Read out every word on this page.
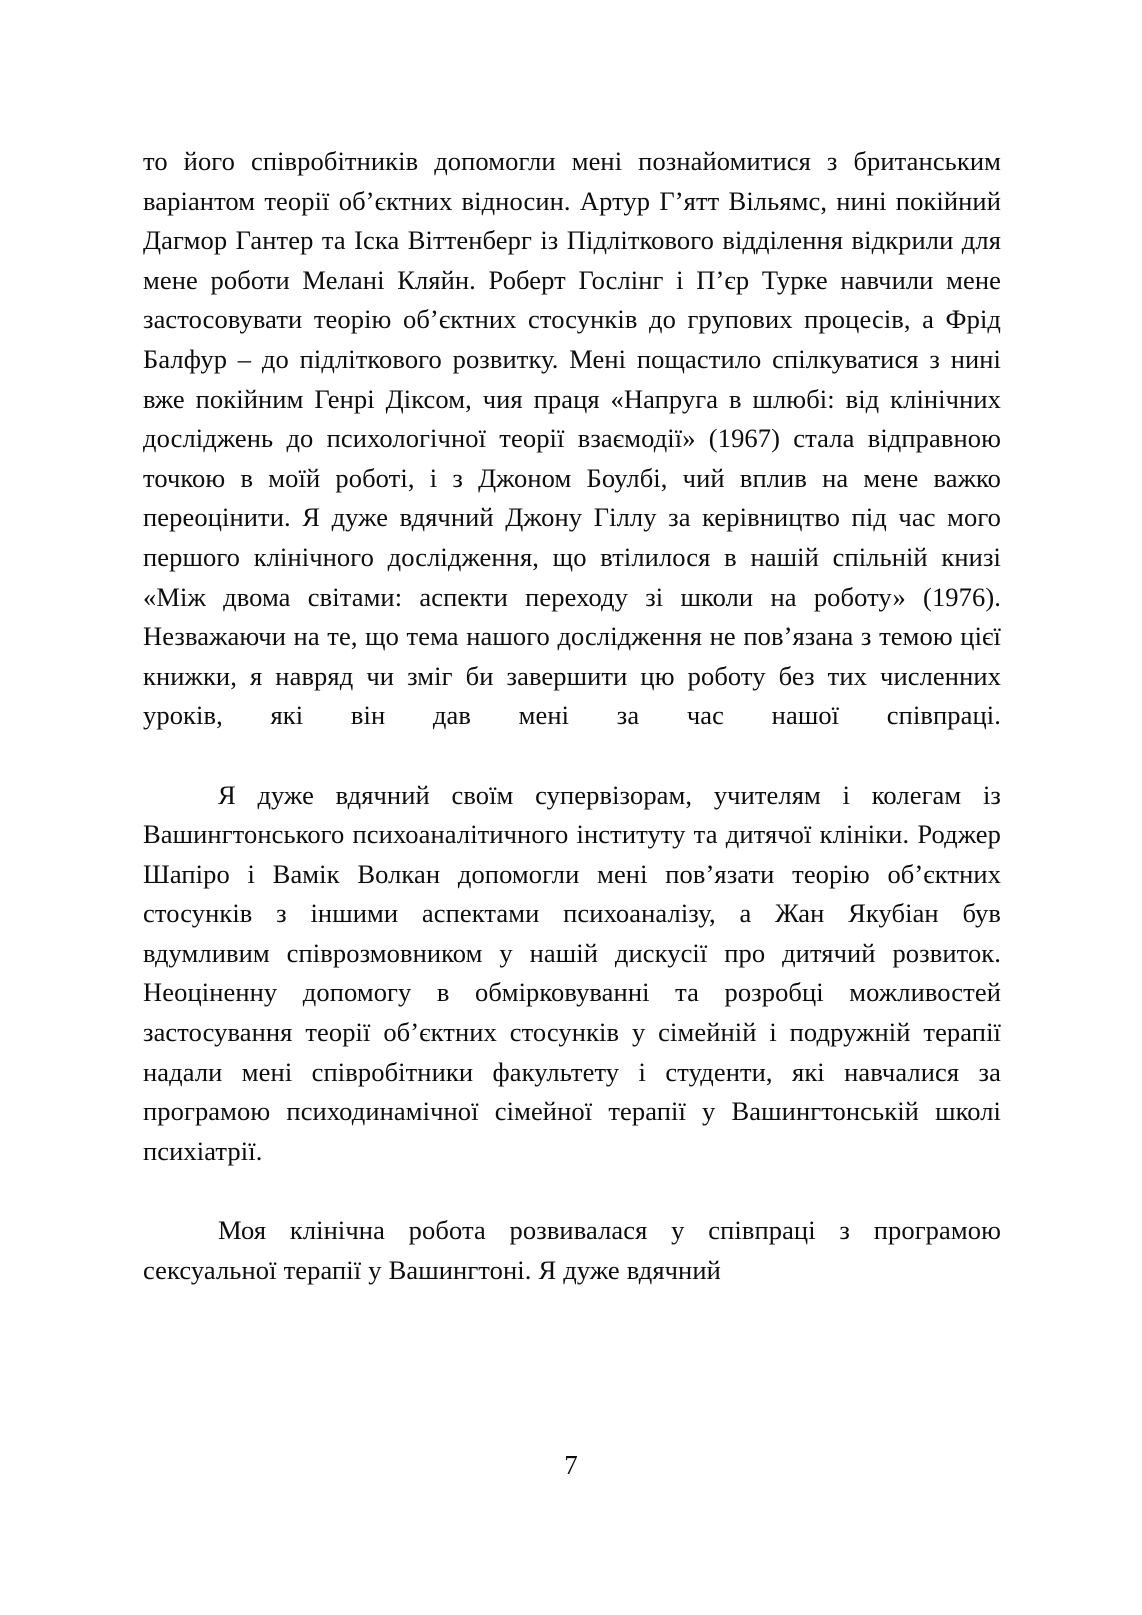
то його співробітників допомогли мені познайомитися з британським варіантом теорії об’єктних відносин. Артур Г’ятт Вільямс, нині покійний Дагмор Гантер та Іска Віттенберг із Підліткового відділення відкрили для мене роботи Мелані Кляйн. Роберт Гослінг і П’єр Турке навчили мене застосовувати теорію об’єктних стосунків до групових процесів, а Фрід Балфур – до підліткового розвитку. Мені пощастило спілкуватися з нині вже покійним Генрі Діксом, чия праця «Напруга в шлюбі: від клінічних досліджень до психологічної теорії взаємодії» (1967) стала відправною точкою в моїй роботі, і з Джоном Боулбі, чий вплив на мене важко переоцінити. Я дуже вдячний Джону Гіллу за керівництво під час мого першого клінічного дослідження, що втілилося в нашій спільній книзі «Між двома світами: аспекти переходу зі школи на роботу» (1976). Незважаючи на те, що тема нашого дослідження не пов’язана з темою цієї книжки, я навряд чи зміг би завершити цю роботу без тих численних уроків, які він дав мені за час нашої співпраці.

Я дуже вдячний своїм супервізорам, учителям і колегам із Вашингтонського психоаналітичного інституту та дитячої клініки. Роджер Шапіро і Вамік Волкан допомогли мені пов’язати теорію об’єктних стосунків з іншими аспектами психоаналізу, а Жан Якубіан був вдумливим співрозмовником у нашій дискусії про дитячий розвиток. Неоціненну допомогу в обмірковуванні та розробці можливостей застосування теорії об’єктних стосунків у сімейній і подружній терапії надали мені співробітники факультету і студенти, які навчалися за програмою психодинамічної сімейної терапії у Вашингтонській школі психіатрії.

Моя клінічна робота розвивалася у співпраці з програмою сексуальної терапії у Вашингтоні. Я дуже вдячний

7
